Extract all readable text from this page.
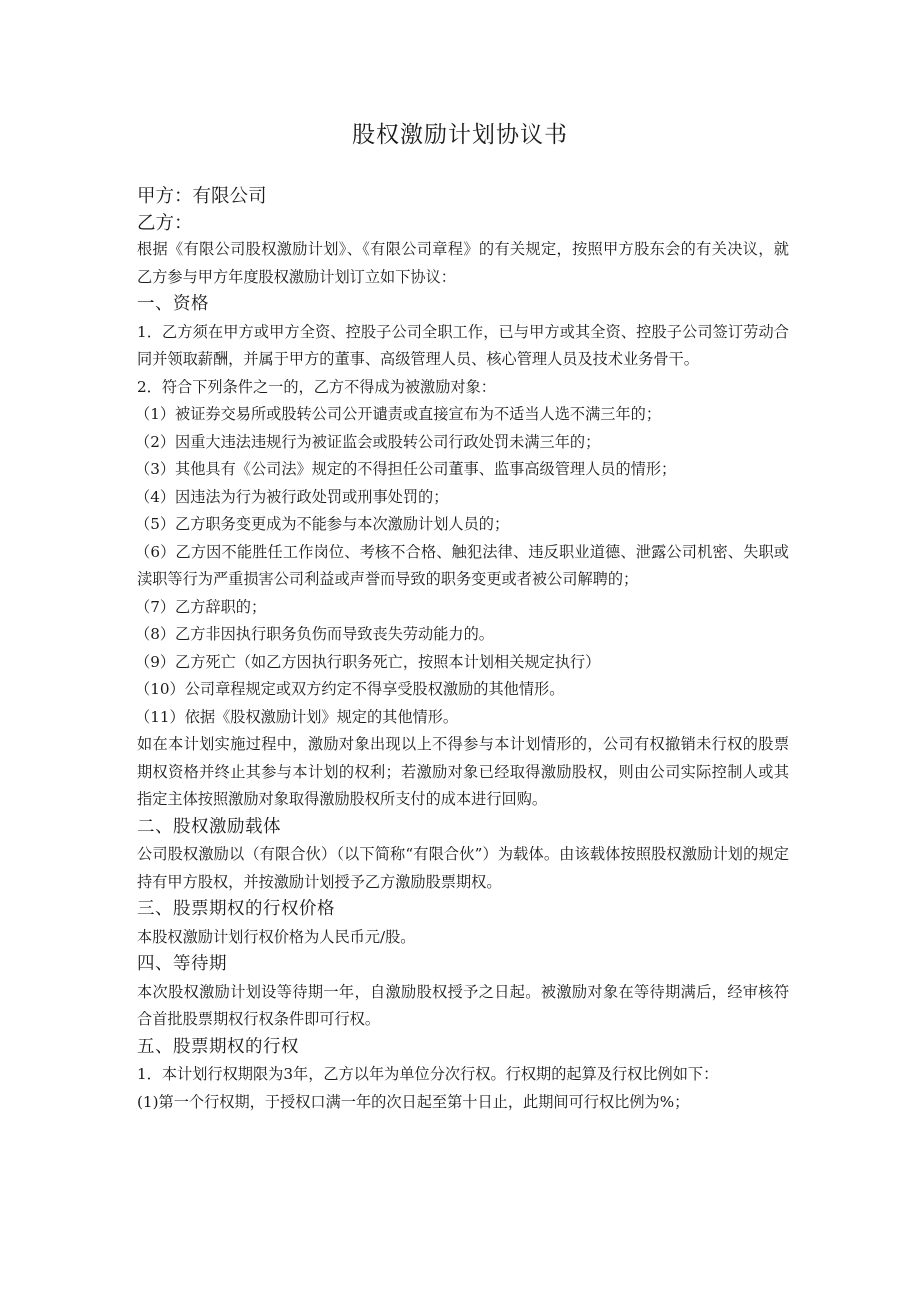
股权激励计划协议书
甲方：有限公司
乙方：

根据《有限公司股权激励计划》、《有限公司章程》的有关规定，按照甲方股东会的有关决议，就乙方参与甲方年度股权激励计划订立如下协议：

一、资格

1．乙方须在甲方或甲方全资、控股子公司全职工作，已与甲方或其全资、控股子公司签订劳动合同并领取薪酬，并属于甲方的董事、高级管理人员、核心管理人员及技术业务骨干。

2．符合下列条件之一的，乙方不得成为被激励对象：

（1）被证券交易所或股转公司公开谴责或直接宣布为不适当人选不满三年的；

（2）因重大违法违规行为被证监会或股转公司行政处罚未满三年的；

（3）其他具有《公司法》规定的不得担任公司董事、监事高级管理人员的情形；

（4）因违法为行为被行政处罚或刑事处罚的；

（5）乙方职务变更成为不能参与本次激励计划人员的；

（6）乙方因不能胜任工作岗位、考核不合格、触犯法律、违反职业道德、泄露公司机密、失职或渎职等行为严重损害公司利益或声誉而导致的职务变更或者被公司解聘的；

（7）乙方辞职的；

（8）乙方非因执行职务负伤而导致丧失劳动能力的。

（9）乙方死亡（如乙方因执行职务死亡，按照本计划相关规定执行）

（10）公司章程规定或双方约定不得享受股权激励的其他情形。

（11）依据《股权激励计划》规定的其他情形。

如在本计划实施过程中，激励对象出现以上不得参与本计划情形的，公司有权撤销未行权的股票期权资格并终止其参与本计划的权利；若激励对象已经取得激励股权，则由公司实际控制人或其指定主体按照激励对象取得激励股权所支付的成本进行回购。

二、股权激励载体

公司股权激励以（有限合伙）（以下简称“有限合伙”）为载体。由该载体按照股权激励计划的规定持有甲方股权，并按激励计划授予乙方激励股票期权。

三、股票期权的行权价格

本股权激励计划行权价格为人民币元/股。

四、等待期

本次股权激励计划设等待期一年，自激励股权授予之日起。被激励对象在等待期满后，经审核符合首批股票期权行权条件即可行权。

五、股票期权的行权

1．本计划行权期限为3年，乙方以年为单位分次行权。行权期的起算及行权比例如下：

(1)第一个行权期，于授权口满一年的次日起至第十日止，此期间可行权比例为%；
